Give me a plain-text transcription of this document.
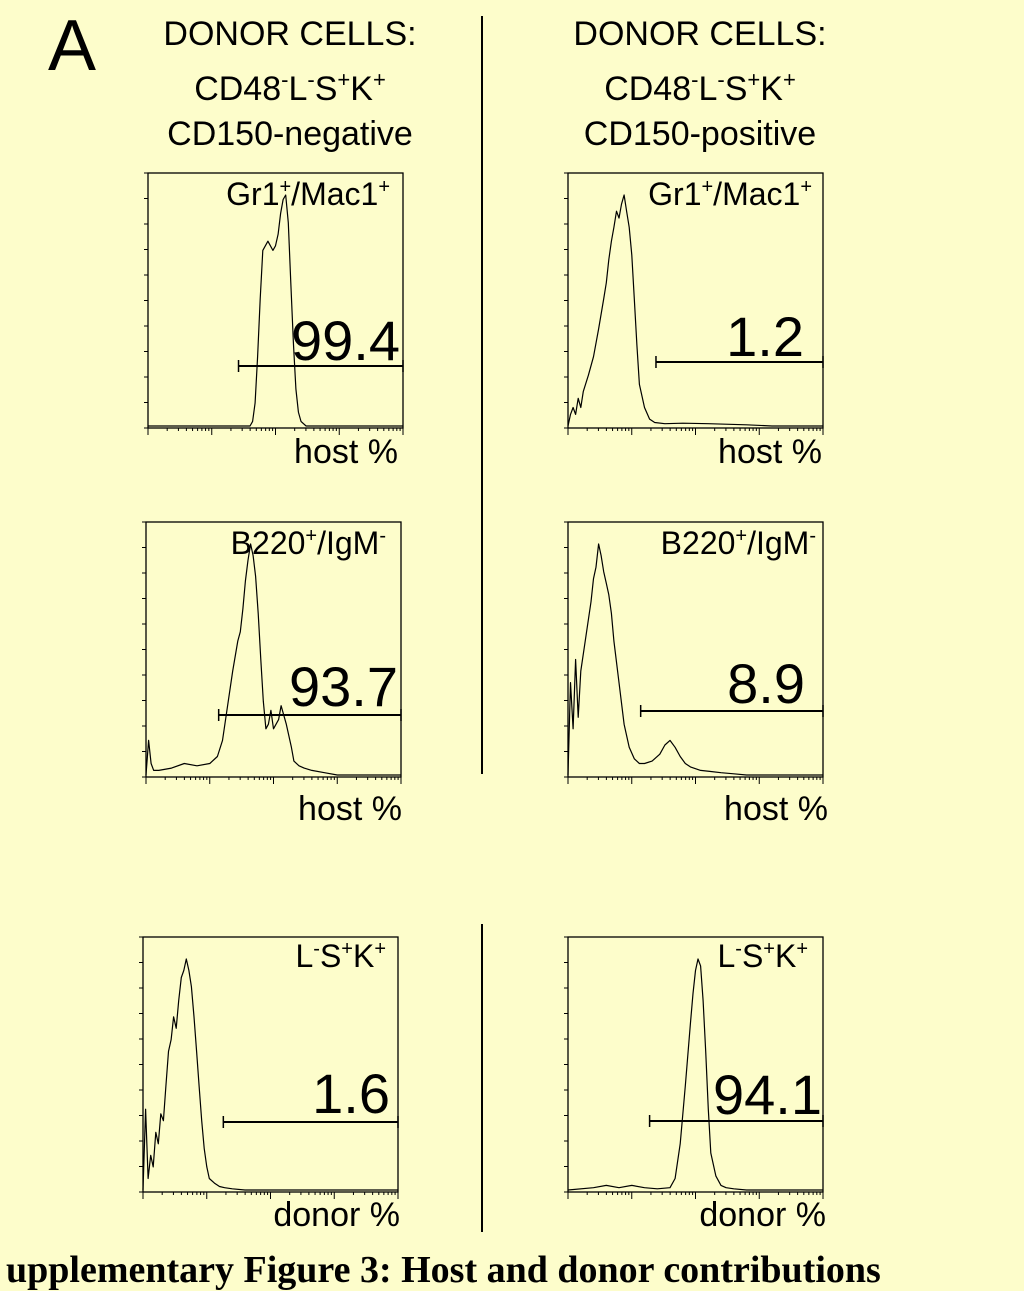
A	DONOR CELLS:
CD48-L-S+K+
CD150-negative
DONOR CELLS:
CD48-L-S+K+
CD150-positive
99.4
host %
Gr1+/Mac1+
1.2
host %
Gr1+/Mac1+
93.7
host %
B220+/IgM-
8.9
host %
B220+/IgM-
1.6
donor %
L-S+K+
94.1
donor %
L-S+K+
upplementary Figure 3: Host and donor contributions
